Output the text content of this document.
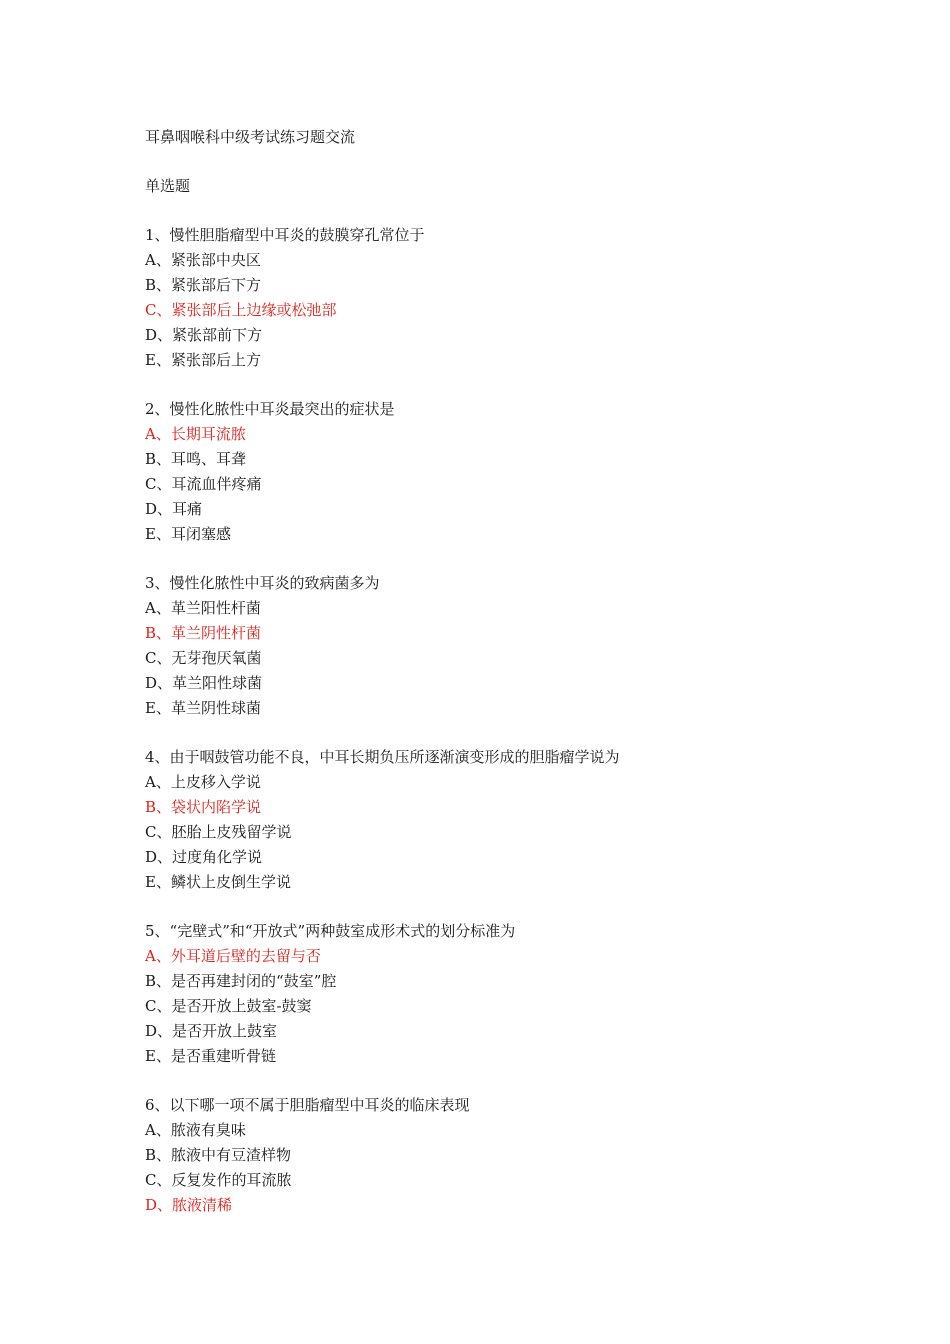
耳鼻咽喉科中级考试练习题交流
单选题
1、慢性胆脂瘤型中耳炎的鼓膜穿孔常位于
A、紧张部中央区
B、紧张部后下方
C、紧张部后上边缘或松弛部
D、紧张部前下方
E、紧张部后上方
2、慢性化脓性中耳炎最突出的症状是
A、长期耳流脓
B、耳鸣、耳聋
C、耳流血伴疼痛
D、耳痛
E、耳闭塞感
3、慢性化脓性中耳炎的致病菌多为
A、革兰阳性杆菌
B、革兰阴性杆菌
C、无芽孢厌氧菌
D、革兰阳性球菌
E、革兰阴性球菌
4、由于咽鼓管功能不良，中耳长期负压所逐渐演变形成的胆脂瘤学说为
A、上皮移入学说
B、袋状内陷学说
C、胚胎上皮残留学说
D、过度角化学说
E、鳞状上皮倒生学说
5、“完壁式”和“开放式”两种鼓室成形术式的划分标准为
A、外耳道后壁的去留与否
B、是否再建封闭的“鼓室”腔
C、是否开放上鼓室-鼓窦
D、是否开放上鼓室
E、是否重建听骨链
6、以下哪一项不属于胆脂瘤型中耳炎的临床表现
A、脓液有臭味
B、脓液中有豆渣样物
C、反复发作的耳流脓
D、脓液清稀
